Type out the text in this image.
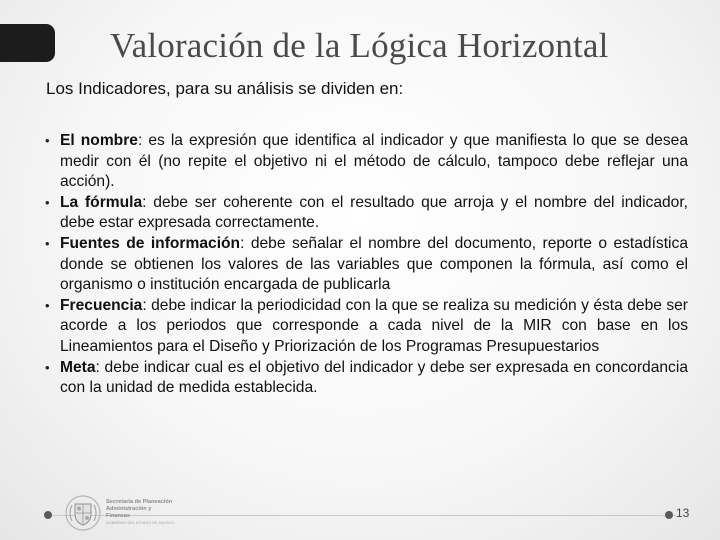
Valoración de la Lógica Horizontal
Los Indicadores, para su análisis se dividen en:
• El nombre: es la expresión que identifica al indicador y que manifiesta lo que se desea medir con él (no repite el objetivo ni el método de cálculo, tampoco debe reflejar una acción).
• La fórmula: debe ser coherente con el resultado que arroja y el nombre del indicador, debe estar expresada correctamente.
• Fuentes de información: debe señalar el nombre del documento, reporte o estadística donde se obtienen los valores de las variables que componen la fórmula, así como el organismo o institución encargada de publicarla
• Frecuencia: debe indicar la periodicidad con la que se realiza su medición y ésta debe ser acorde a los periodos que corresponde a cada nivel de la MIR con base en los Lineamientos para el Diseño y Priorización de los Programas Presupuestarios
• Meta: debe indicar cual es el objetivo del indicador y debe ser expresada en concordancia con la unidad de medida establecida.
Secretaría de Planeación
Administración y Finanzas
GOBIERNO DEL ESTADO DE JALISCO
13
